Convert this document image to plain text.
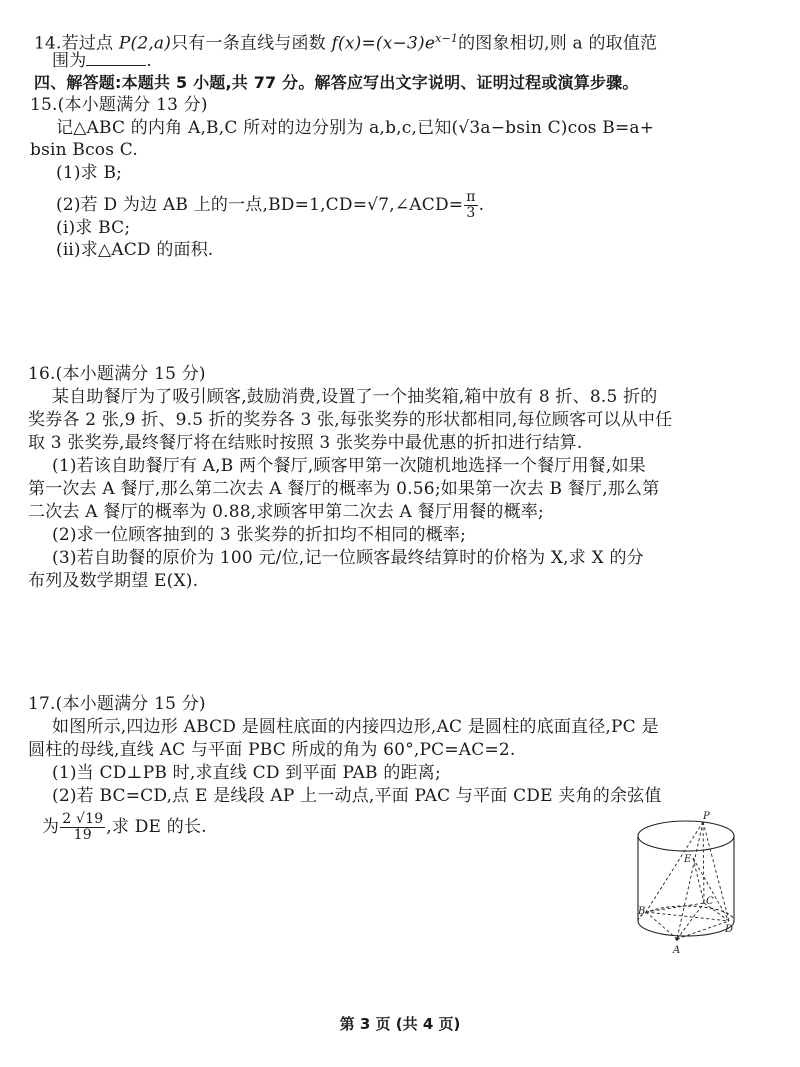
14.若过点 P(2,a)只有一条直线与函数 $f(x)=(x-3)e^{x-1}$的图象相切,则 a 的取值范
围为	.
四、解答题:本题共 5 小题,共 77 分。解答应写出文字说明、证明过程或演算步骤。
15.(本小题满分 13 分)
记△ABC 的内角 A,B,C 所对的边分别为 a,b,c,已知(√3a−bsin C)cos B=a+
bsin Bcos C.
(1)求 B;
(2)若 D 为边 AB 上的一点,BD=1,CD=√7,∠ACD= $\frac{\pi}{3}$ .
(ⅰ)求 BC;
(ⅱ)求△ACD 的面积.
16.(本小题满分 15 分)
某自助餐厅为了吸引顾客,鼓励消费,设置了一个抽奖箱,箱中放有 8 折、8.5 折的
奖券各 2 张,9 折、9.5 折的奖券各 3 张,每张奖券的形状都相同,每位顾客可以从中任
取 3 张奖券,最终餐厅将在结账时按照 3 张奖券中最优惠的折扣进行结算.
(1)若该自助餐厅有 A,B 两个餐厅,顾客甲第一次随机地选择一个餐厅用餐,如果
第一次去 A 餐厅,那么第二次去 A 餐厅的概率为 0.56;如果第一次去 B 餐厅,那么第
二次去 A 餐厅的概率为 0.88,求顾客甲第二次去 A 餐厅用餐的概率;
(2)求一位顾客抽到的 3 张奖券的折扣均不相同的概率;
(3)若自助餐的原价为 100 元/位,记一位顾客最终结算时的价格为 X,求 X 的分
布列及数学期望 E(X).
17.(本小题满分 15 分)
如图所示,四边形 ABCD 是圆柱底面的内接四边形,AC 是圆柱的底面直径,PC 是
圆柱的母线,直线 AC 与平面 PBC 所成的角为 60°,PC=AC=2.
(1)当 CD⊥PB 时,求直线 CD 到平面 PAB 的距离;
(2)若 BC=CD,点 E 是线段 AP 上一动点,平面 PAC 与平面 CDE 夹角的余弦值
为 $\frac{2 √19}{19}$ ,求 DE 的长.
P
E
C
B
D
A
第 3 页 (共 4 页)
